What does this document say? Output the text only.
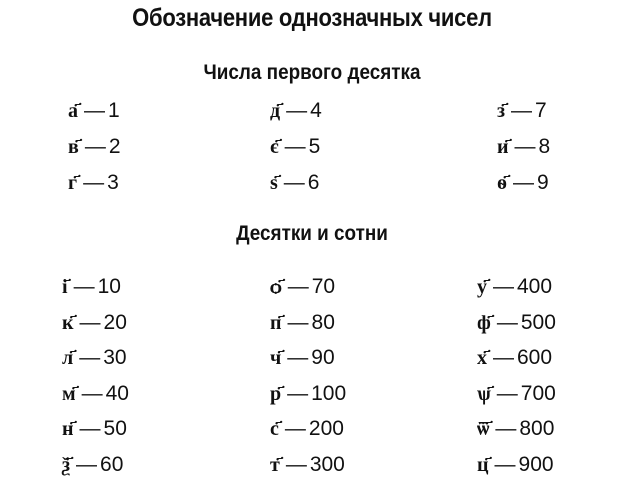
Обозначение однозначных чисел
Числа первого десятка
а҃ — 1
в҃ — 2
г҃ — 3
д҃ — 4
є҃ — 5
ѕ҃ — 6
з҃ — 7
и҃ — 8
ѳ҃ — 9
Десятки и сотни
і҃ — 10
к҃ — 20
л҃ — 30
м҃ — 40
н҃ — 50
ѯ҃ — 60
ѻ҃ — 70
п҃ — 80
ч҃ — 90
р҃ — 100
с҃ — 200
т҃ — 300
у҃ — 400
ф҃ — 500
х҃ — 600
ѱ҃ — 700
ѿ҃ — 800
ц҃ — 900
